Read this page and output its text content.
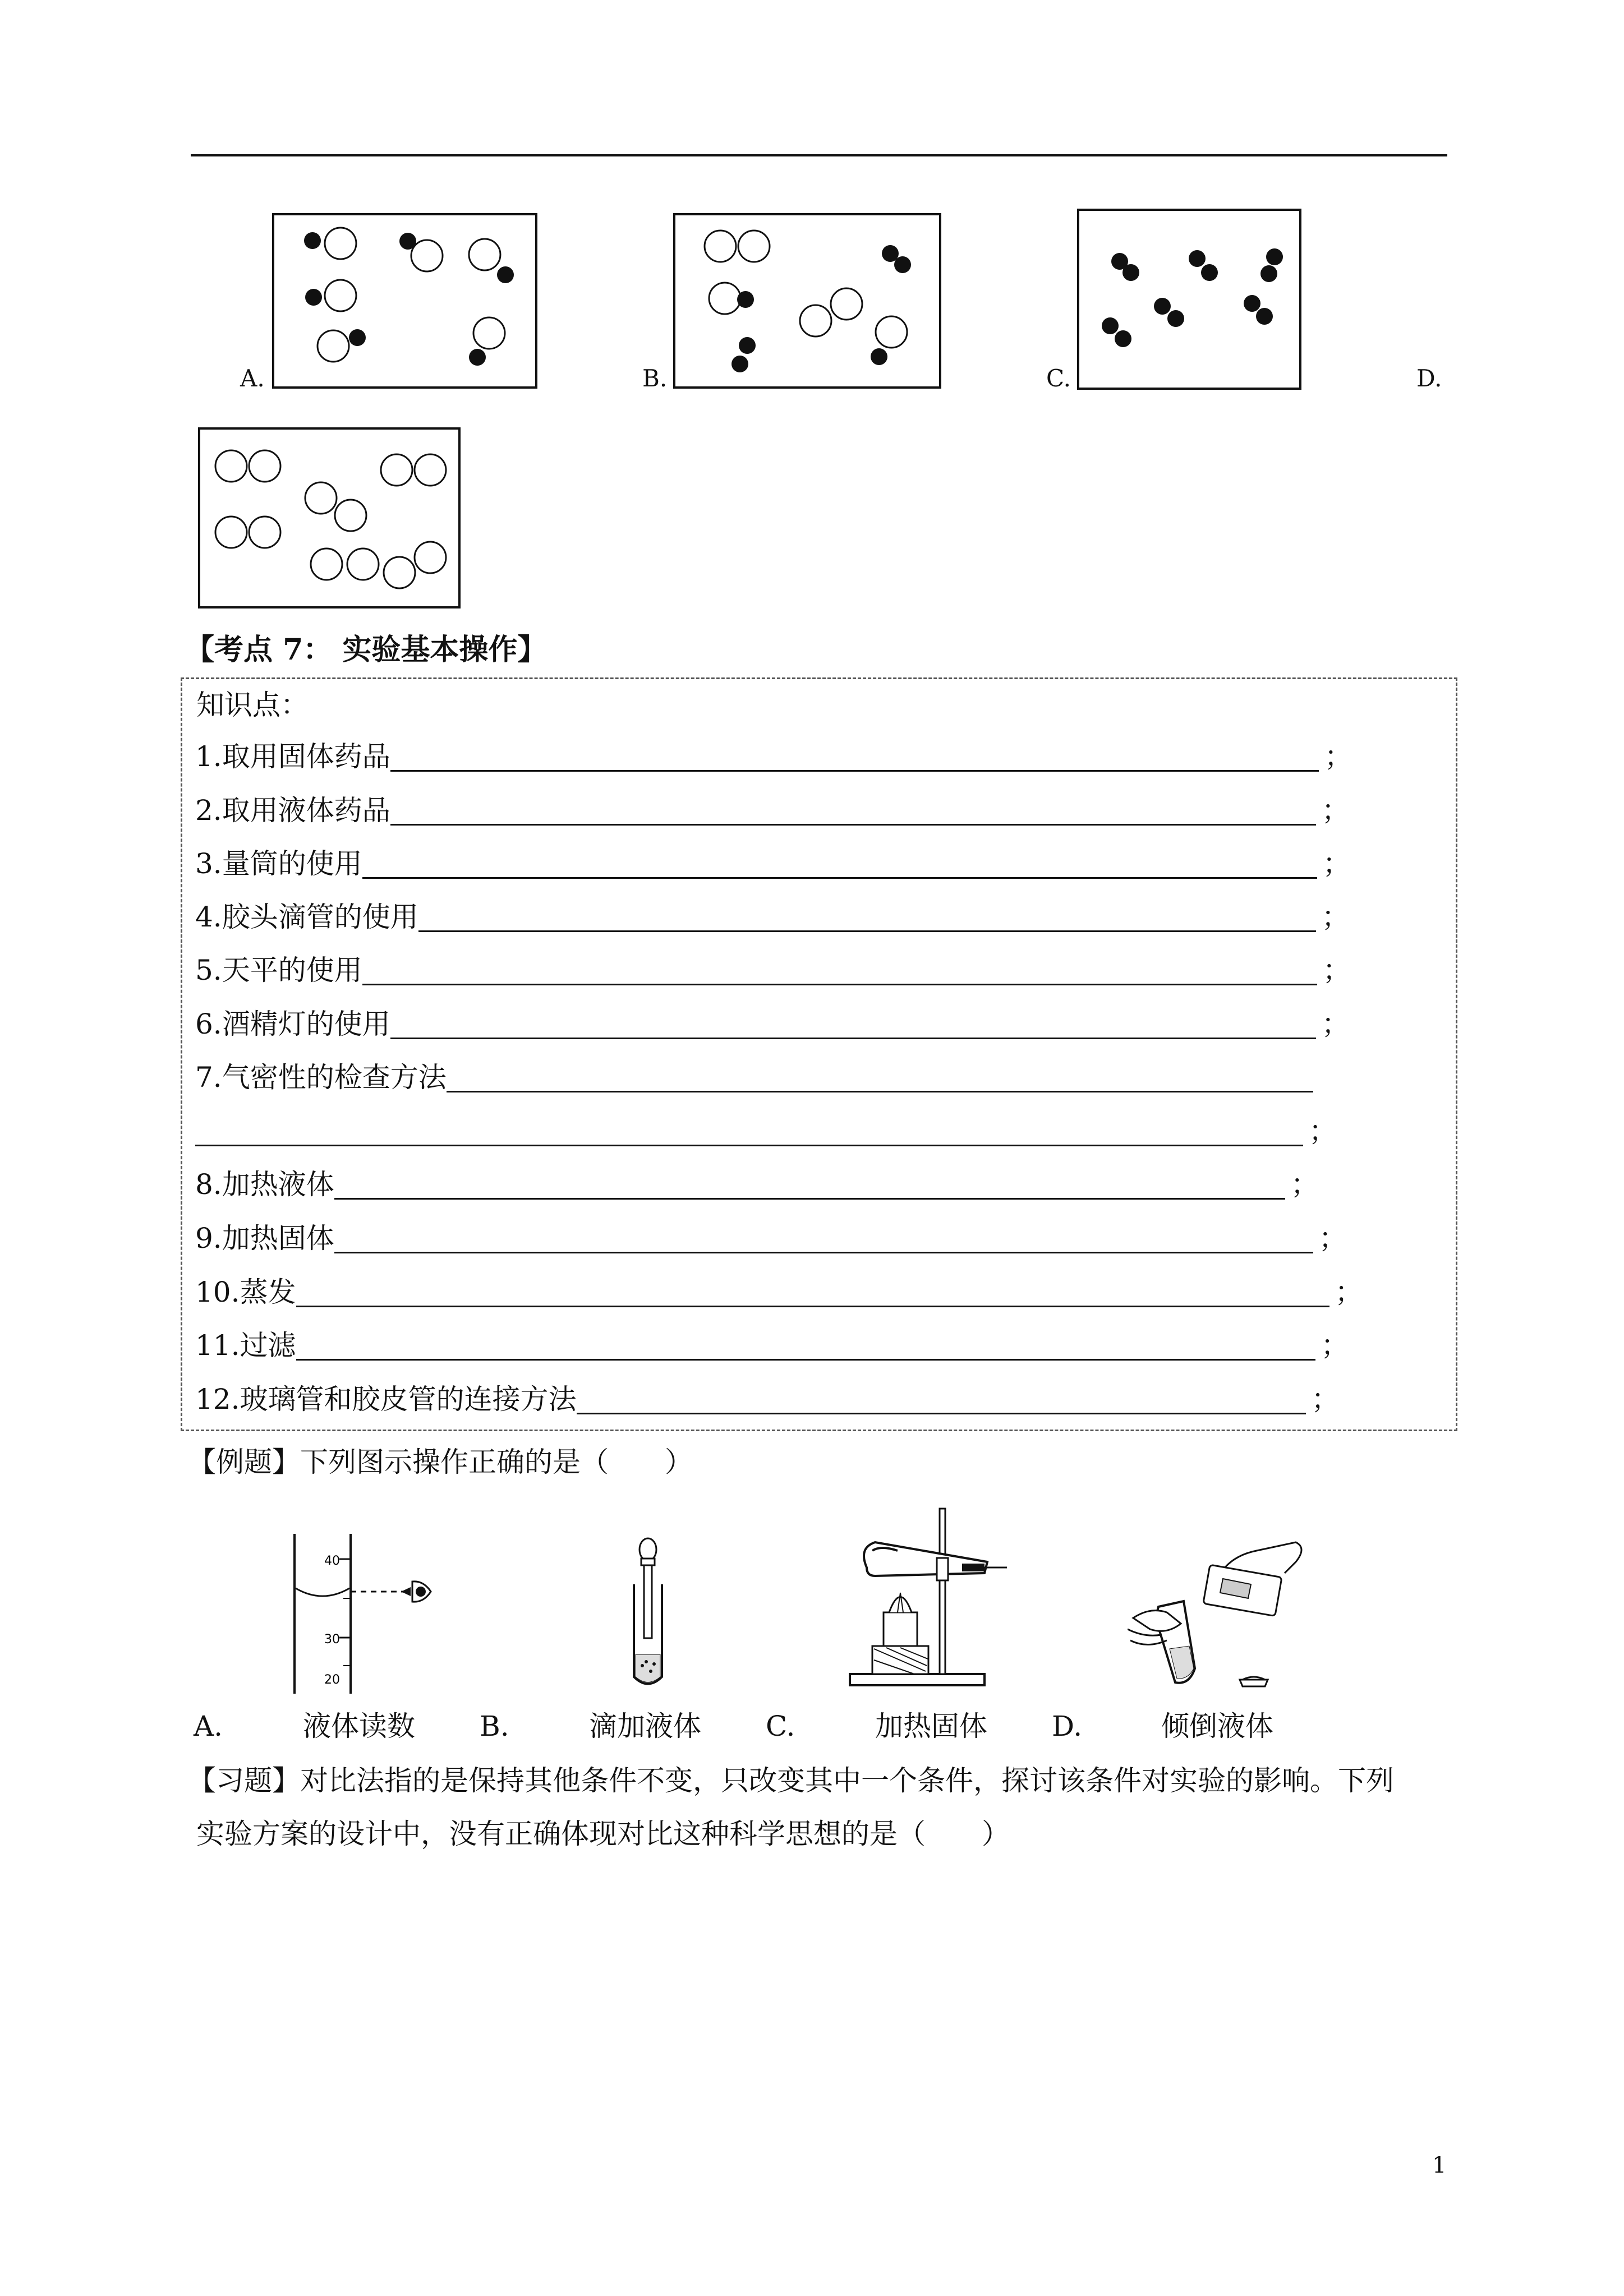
A.	B.	C.	D.
【考点 7： 实验基本操作】
知识点：
1.取用固体药品	；
2.取用液体药品	；
3.量筒的使用	；
4.胶头滴管的使用	；
5.天平的使用	；
6.酒精灯的使用	；
7.气密性的检查方法
；
8.加热液体	；
9.加热固体	；
10.蒸发	；
11.过滤	；
12.玻璃管和胶皮管的连接方法	；
【例题】下列图示操作正确的是（　　）
40
30
20
A.	液体读数 B.	滴加液体 C.	加热固体 D.	倾倒液体
【习题】对比法指的是保持其他条件不变，只改变其中一个条件，探讨该条件对实验的影响。下列
实验方案的设计中，没有正确体现对比这种科学思想的是（　　）
1
